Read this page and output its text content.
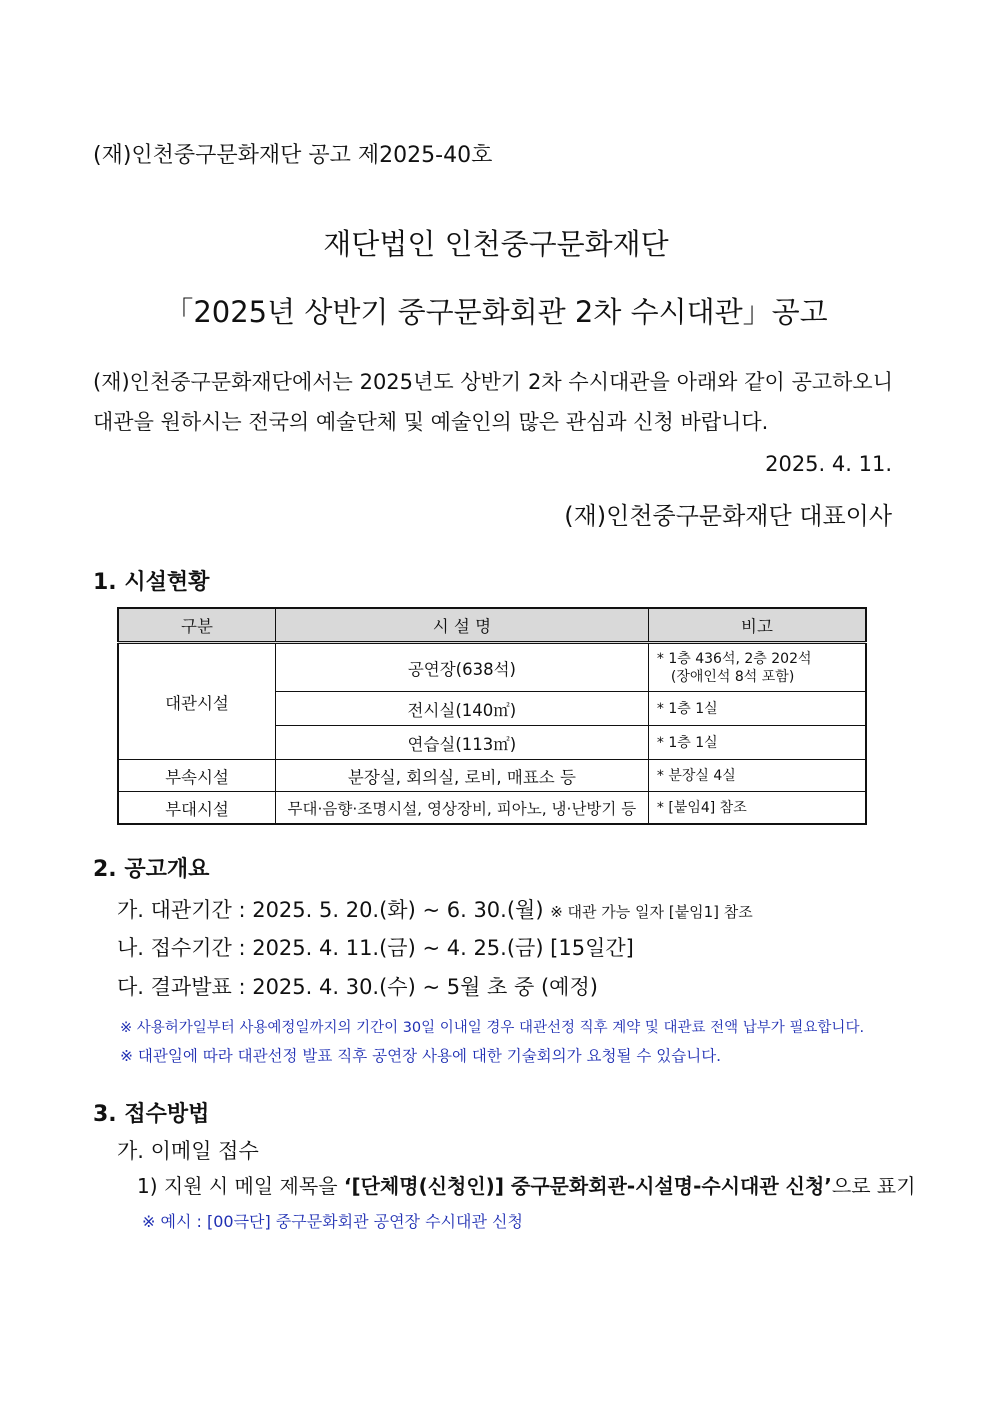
(재)인천중구문화재단 공고 제2025-40호
재단법인 인천중구문화재단
「2025년 상반기 중구문화회관 2차 수시대관」공고
(재)인천중구문화재단에서는 2025년도 상반기 2차 수시대관을 아래와 같이 공고하오니 대관을 원하시는 전국의 예술단체 및 예술인의 많은 관심과 신청 바랍니다.
2025. 4. 11.
(재)인천중구문화재단 대표이사
1. 시설현황
구분	시 설 명	비고
대관시설	공연장(638석)	* 1층 436석, 2층 202석
(장애인석 8석 포함)
	전시실(140㎡)	* 1층 1실
	연습실(113㎡)	* 1층 1실
부속시설	분장실, 회의실, 로비, 매표소 등	* 분장실 4실
부대시설	무대·음향·조명시설, 영상장비, 피아노, 냉·난방기 등	* [붙임4] 참조
2. 공고개요
가. 대관기간 : 2025. 5. 20.(화) ~ 6. 30.(월) ※ 대관 가능 일자 [붙임1] 참조
나. 접수기간 : 2025. 4. 11.(금) ~ 4. 25.(금) [15일간]
다. 결과발표 : 2025. 4. 30.(수) ~ 5월 초 중 (예정)
※ 사용허가일부터 사용예정일까지의 기간이 30일 이내일 경우 대관선정 직후 계약 및 대관료 전액 납부가 필요합니다.
※ 대관일에 따라 대관선정 발표 직후 공연장 사용에 대한 기술회의가 요청될 수 있습니다.
3. 접수방법
가. 이메일 접수
1) 지원 시 메일 제목을 ‘[단체명(신청인)] 중구문화회관-시설명-수시대관 신청’으로 표기
※ 예시 : [00극단] 중구문화회관 공연장 수시대관 신청
